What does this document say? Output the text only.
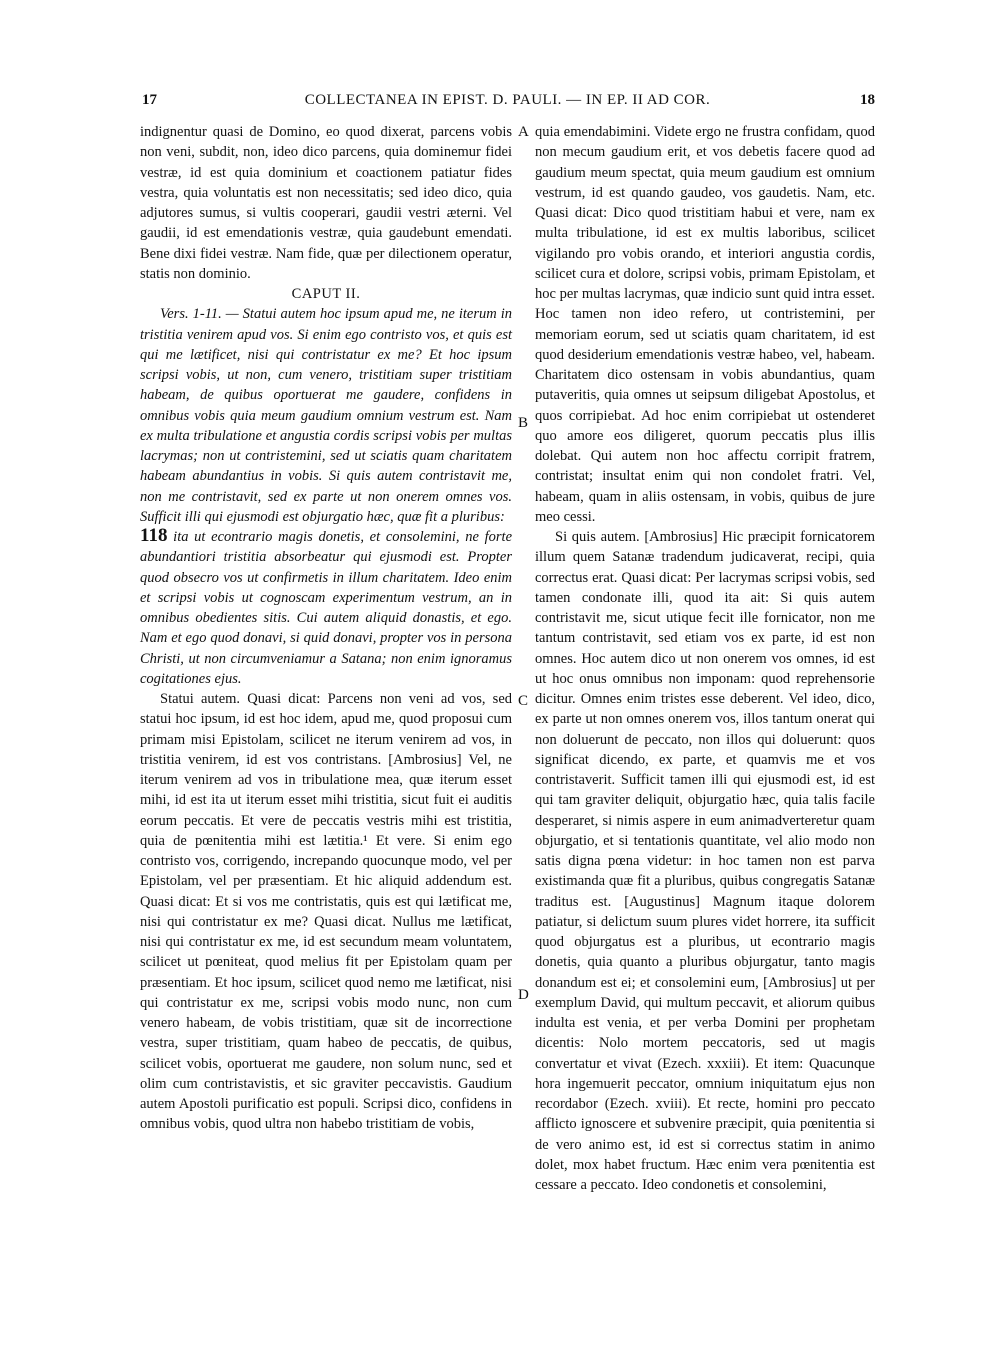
17	COLLECTANEA IN EPIST. D. PAULI. — IN EP. II AD COR.	18
A
B
C
D

indignentur quasi de Domino, eo quod dixerat, parcens vobis non veni, subdit, non, ideo dico parcens, quia dominemur fidei vestræ, id est quia dominium et coactionem patiatur fides vestra, quia voluntatis est non necessitatis; sed ideo dico, quia adjutores sumus, si vultis cooperari, gaudii vestri æterni. Vel gaudii, id est emendationis vestræ, quia gaudebunt emendati. Bene dixi fidei vestræ. Nam fide, quæ per dilectionem operatur, statis non dominio.

CAPUT II.

Vers. 1-11. — Statui autem hoc ipsum apud me, ne iterum in tristitia venirem apud vos. Si enim ego contristo vos, et quis est qui me lætificet, nisi qui contristatur ex me? Et hoc ipsum scripsi vobis, ut non, cum venero, tristitiam super tristitiam habeam, de quibus oportuerat me gaudere, confidens in omnibus vobis quia meum gaudium omnium vestrum est. Nam ex multa tribulatione et angustia cordis scripsi vobis per multas lacrymas; non ut contristemini, sed ut sciatis quam charitatem habeam abundantius in vobis. Si quis autem contristavit me, non me contristavit, sed ex parte ut non onerem omnes vos. Sufficit illi qui ejusmodi est objurgatio hæc, quæ fit a pluribus:

118 ita ut econtrario magis donetis, et consolemini, ne forte abundantiori tristitia absorbeatur qui ejusmodi est. Propter quod obsecro vos ut confirmetis in illum charitatem. Ideo enim et scripsi vobis ut cognoscam experimentum vestrum, an in omnibus obedientes sitis. Cui autem aliquid donastis, et ego. Nam et ego quod donavi, si quid donavi, propter vos in persona Christi, ut non circumveniamur a Satana; non enim ignoramus cogitationes ejus.

Statui autem. Quasi dicat: Parcens non veni ad vos, sed statui hoc ipsum, id est hoc idem, apud me, quod proposui cum primam misi Epistolam, scilicet ne iterum venirem ad vos, in tristitia venirem, id est vos contristans. [Ambrosius] Vel, ne iterum venirem ad vos in tribulatione mea, quæ iterum esset mihi, id est ita ut iterum esset mihi tristitia, sicut fuit ei auditis eorum peccatis. Et vere de peccatis vestris mihi est tristitia, quia de pœnitentia mihi est lætitia.¹ Et vere. Si enim ego contristo vos, corrigendo, increpando quocunque modo, vel per Epistolam, vel per præsentiam. Et hic aliquid addendum est. Quasi dicat: Et si vos me contristatis, quis est qui lætificat me, nisi qui contristatur ex me? Quasi dicat. Nullus me lætificat, nisi qui contristatur ex me, id est secundum meam voluntatem, scilicet ut pœniteat, quod melius fit per Epistolam quam per præsentiam. Et hoc ipsum, scilicet quod nemo me lætificat, nisi qui contristatur ex me, scripsi vobis modo nunc, non cum venero habeam, de vobis tristitiam, quæ sit de incorrectione vestra, super tristitiam, quam habeo de peccatis, de quibus, scilicet vobis, oportuerat me gaudere, non solum nunc, sed et olim cum contristavistis, et sic graviter peccavistis. Gaudium autem Apostoli purificatio est populi. Scripsi dico, confidens in omnibus vobis, quod ultra non habebo tristitiam de vobis,

quia emendabimini. Videte ergo ne frustra confidam, quod non mecum gaudium erit, et vos debetis facere quod ad gaudium meum spectat, quia meum gaudium est omnium vestrum, id est quando gaudeo, vos gaudetis. Nam, etc. Quasi dicat: Dico quod tristitiam habui et vere, nam ex multa tribulatione, id est ex multis laboribus, scilicet vigilando pro vobis orando, et interiori angustia cordis, scilicet cura et dolore, scripsi vobis, primam Epistolam, et hoc per multas lacrymas, quæ indicio sunt quid intra esset. Hoc tamen non ideo refero, ut contristemini, per memoriam eorum, sed ut sciatis quam charitatem, id est quod desiderium emendationis vestræ habeo, vel, habeam. Charitatem dico ostensam in vobis abundantius, quam putaveritis, quia omnes ut seipsum diligebat Apostolus, et quos corripiebat. Ad hoc enim corripiebat ut ostenderet quo amore eos diligeret, quorum peccatis plus illis dolebat. Qui autem non hoc affectu corripit fratrem, contristat; insultat enim qui non condolet fratri. Vel, habeam, quam in aliis ostensam, in vobis, quibus de jure meo cessi.

Si quis autem. [Ambrosius] Hic præcipit fornicatorem illum quem Satanæ tradendum judicaverat, recipi, quia correctus erat. Quasi dicat: Per lacrymas scripsi vobis, sed tamen condonate illi, quod ita ait: Si quis autem contristavit me, sicut utique fecit ille fornicator, non me tantum contristavit, sed etiam vos ex parte, id est non omnes. Hoc autem dico ut non onerem vos omnes, id est ut hoc onus omnibus non imponam: quod reprehensorie dicitur. Omnes enim tristes esse deberent. Vel ideo, dico, ex parte ut non omnes onerem vos, illos tantum onerat qui non doluerunt de peccato, non illos qui doluerunt: quos significat dicendo, ex parte, et quamvis me et vos contristaverit. Sufficit tamen illi qui ejusmodi est, id est qui tam graviter deliquit, objurgatio hæc, quia talis facile desperaret, si nimis aspere in eum animadverteretur quam objurgatio, et si tentationis quantitate, vel alio modo non satis digna pœna videtur: in hoc tamen non est parva existimanda quæ fit a pluribus, quibus congregatis Satanæ traditus est. [Augustinus] Magnum itaque dolorem patiatur, si delictum suum plures videt horrere, ita sufficit quod objurgatus est a pluribus, ut econtrario magis donetis, quia quanto a pluribus objurgatur, tanto magis donandum est ei; et consolemini eum, [Ambrosius] ut per exemplum David, qui multum peccavit, et aliorum quibus indulta est venia, et per verba Domini per prophetam dicentis: Nolo mortem peccatoris, sed ut magis convertatur et vivat (Ezech. xxxiii). Et item: Quacunque hora ingemuerit peccator, omnium iniquitatum ejus non recordabor (Ezech. xviii). Et recte, homini pro peccato afflicto ignoscere et subvenire præcipit, quia pœnitentia si de vero animo est, id est si correctus statim in animo dolet, mox habet fructum. Hæc enim vera pœnitentia est cessare a peccato. Ideo condonetis et consolemini,
